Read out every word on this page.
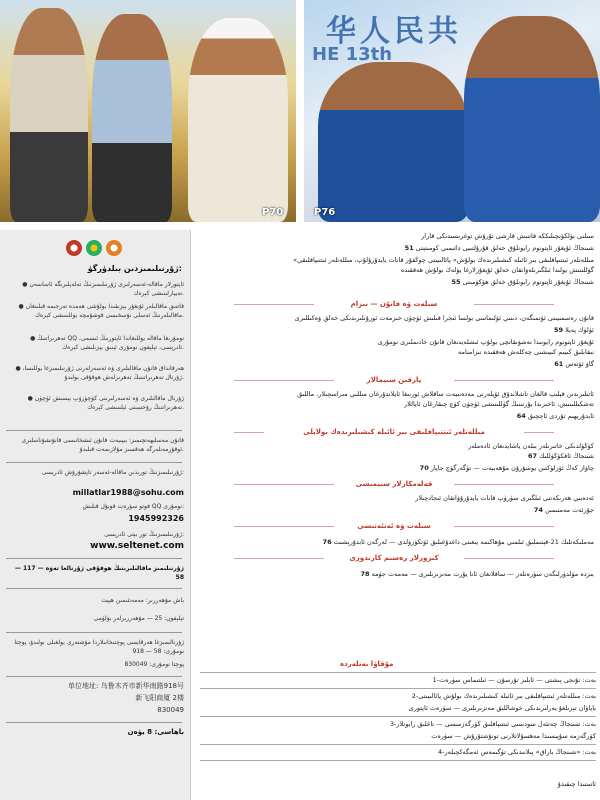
P70
华人民共
HE 13th
P76
ژۇرنىلىمىزدىن بىلدۈرگۈ:
● ئاپتورلار ماقالە-ئەسەرلىرى ژۇرنىلىمىزنىڭ تەلەپلىرىگە ئاساسەن تەييارلىنىشى كېرەك.
● قاتتىق ماقالىلەر ئۇيغۇر يېزىقىدا بولۇشى ھەمدە تەرجىمە قىلىنغان ماقالىلەرنىڭ ئەسلى نۇسخىسى قوشۇمچە يوللىنىشى كېرەك.
● تەھرىراتنىڭ QQ نومۇرىغا ماقالە يوللىغاندا ئاپتورنىڭ ئىسمى، ئادرېسى، تېلېفون نومۇرى ئېنىق يېزىلىشى كېرەك.
● ھەرقانداق قانۇن ماقالىلىرى ۋە ئەسەرلەرنى ژۇرنىلىمىزغا يوللىسا، ژۇرنال تەھرىراتىنىڭ تەھرىرلەش ھوقۇقى بولىدۇ.
● ژۇرنال ماقالىلىرى ۋە ئەسەرلىرىنى كۆچۈرۈپ بېسىش ئۈچۈن تەھرىراتنىڭ رۇخسىتى ئېلىنىشى كېرەك.
قانۇن مەسلىھەتچىمىز: بىپىيەت قانۇن ئىشخانىسى قانۇنشۇناسلىرى ئوقۇرمەنلەرگە ھەقسىز مۇلازىمەت قىلىدۇ.
ژۇرنىلىمىزنىڭ تورىدىن ماقالە-ئەسەر تاپشۇرۇش ئادرېسى:
millatlar1988@sohu.com
فوتو سۈرەت قوبۇل قىلىش QQ نومۇرى:
1945992326
ژۇرنىلىمىزنىڭ تور بېتى ئادرېسى:
www.seltenet.com
ژۇرنىلىمىز ماقالىلىرىنىڭ ھوقۇقى ژۇرنالغا تەۋە — 117 — 58
باش مۇھەررىر: مەمەتئىمىن ھېيت
تېلېفون: 25 — مۇھەررىرلەر بۆلۈمى
ژۇرنالىمىزغا ھەرقايسى پوچتىخانىلاردا مۇشتەرى بولغىلى بولىدۇ، پوچتا نومۇرى: 58 — 918
پوچتا نومۇرى: 830049
单位地址: 乌鲁木齐市新华南路918号
新飞阳商厦 2楼
830049
باھاسى: 8 يۈەن
سىلنى بۆلكۆنچىلىككە قاتنىش قارشى تۇرۇش توغرىسىدىكى قارار
51 شىنجاڭ ئۇيغۇر ئاپتونوم رايونلۇق خەلق قۇرۇلتىيى دائىمىي كومىتېتى
«مىللەتلەر ئىتتىپاقلىقى بىر ئائىلە كىشىلىرىدەك بولۇش» پائالىيىتى چوڭقۇر قانات يايدۇرۇلۇپ، مىللەتلەر ئىتتىپاقلىقى
گۈللىنىش يولىدا ئىلگىرىلەۋاتقان خەلق ئۇيغۇرلارغا يۆلەك بولۇش ھەققىدە
55 شىنجاڭ ئۇيغۇر ئاپتونوم رايونلۇق خەلق ھۆكۈمىتى
سىلەت ۋە قانۇن — نىزام
قانۇن رەسمىيىتى ئۆتمىگەن، دىنىي ئۆلىماسى بولسا ئىجرا قىلىش ئۈچۈن خىزمەت ئورۇنلىرىدىكى خەلق ۋەكىللىرى
59 ئۈلۈك پەيلا
ئۇيغۇر ئاپتونوم رايونىدا تەشۋىقاتچى بولۇپ ئىشلەيدىغان قانۇن خادىملىرى نومۇرى
نىقابلىق كىيىم كىيىشنى چەكلەش ھەققىدە نىزامنامە
61 گاۋ ئۆتەس
يارقىن سىيمالار
ئاتىلىرىدىن قېلىپ قالغان تاشلاندۇق ئۆيلەرنى مەدەنىيەت ساقلاش ئورنىغا ئايلاندۇرغان مىللىي مىراسچىلار، ماللىق
تەشكىللىنىش، ئاخىرىدا يۇرتىنىڭ گۈللىنىشى ئۈچۈن كۈچ چىقارغان ئاياللار
64 ئابدۇرېھىم تۇردى ئاچچىق
مىللەتلەر ئىتتىپاقلىقى بىر ئائىلە كىشىلىرىدەك بولايلى
كۆڭۈلدىكى خاتىرىلەر بىلەن ياشايدىغان ئادەملەر
67 شىنجاڭ ئاقكۆڭۈللىك
70 چاۋاز كەڭ ئۆزلۈكتىن يوشۇرۇن مۇھەببەت — تۈگەرگۈچ جاپار
قەلەمكارلار سىيمىسى
ئەدەبىي ھەرىكەتنى ئىلگىرى سۈرۈپ قانات يايدۇرۇۋاتقان ئىجادچىلار
74 جۇرئەت مەمتىمىن
سىلەت ۋە ئەنئەنىسى
76 مەملىكەتلىك 21-قېتىملىق ئىلمىي مۇھاكىمە يىغىنى داغدۇغىلىق ئۆتكۈزۈلدى — لەرگەن ئابدۇرېشىت
كىرورلار رەسىم كارىدورى
78 بىزدە مۆلدۈرلىگەن سۈرەتلەر — ساقلانغان ئانا يۇرت مەنزىرىلىرى — مەمەت جۈمە
مۇقاۋا بەتلەردە
1-بەت: تۇنجى پىشتى — ئابلىز تۇرسۇن — ئىلتىماس سۈرەت
2-بەت: مىللەتلەر ئىتتىپاقلىقى بىر ئائىلە كىشىلىرىدەك بولۇش پائالىيىتى
باياۋان تېرىلغۇ يەرلىرىدىكى خوشاللىق مەنزىرىلىرى — سۈرەت ئاپتورى
3-بەت: شىنجاڭ چەتئەل سودىسى ئىتتىپاقلىق كۆرگەزمىسى — تاغلىق رايونلار
كۆرگەزمە سۇپىسىدا مەھسۇلاتلارنى تونۇشتۇرۇش — سۈرەت
4-بەت: «شىنجاڭ باراق» پىلانىدىكى تۈگىمەس ئەمگەكچىلەر
ئاستىدا چىقىدۇ
